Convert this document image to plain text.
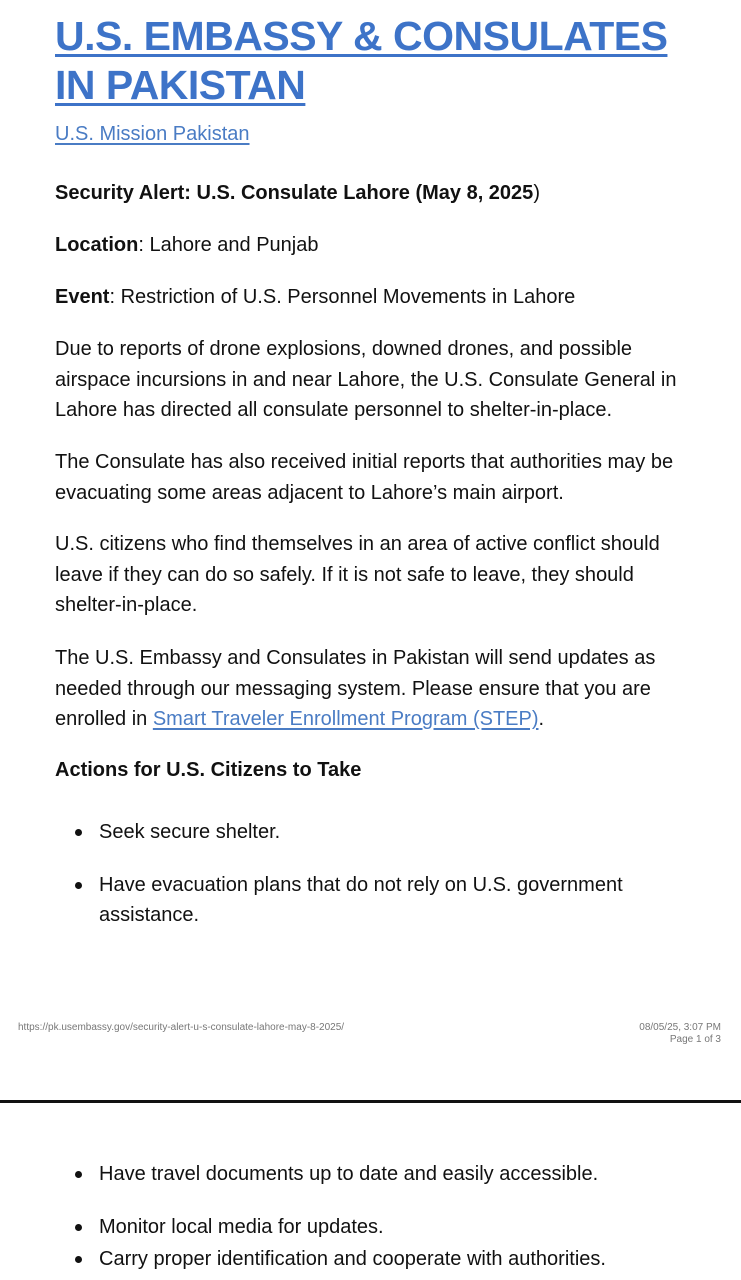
U.S. EMBASSY & CONSULATES IN PAKISTAN
U.S. Mission Pakistan

Security Alert: U.S. Consulate Lahore (May 8, 2025)

Location: Lahore and Punjab

Event: Restriction of U.S. Personnel Movements in Lahore

Due to reports of drone explosions, downed drones, and possible airspace incursions in and near Lahore, the U.S. Consulate General in Lahore has directed all consulate personnel to shelter-in-place.

The Consulate has also received initial reports that authorities may be evacuating some areas adjacent to Lahore’s main airport.

U.S. citizens who find themselves in an area of active conflict should leave if they can do so safely. If it is not safe to leave, they should shelter-in-place.

The U.S. Embassy and Consulates in Pakistan will send updates as needed through our messaging system. Please ensure that you are enrolled in Smart Traveler Enrollment Program (STEP).

Actions for U.S. Citizens to Take

Seek secure shelter.
Have evacuation plans that do not rely on U.S. government assistance.
https://pk.usembassy.gov/security-alert-u-s-consulate-lahore-may-8-2025/	08/05/25, 3:07 PM
Page 1 of 3
Have travel documents up to date and easily accessible.
Monitor local media for updates.
Carry proper identification and cooperate with authorities.
